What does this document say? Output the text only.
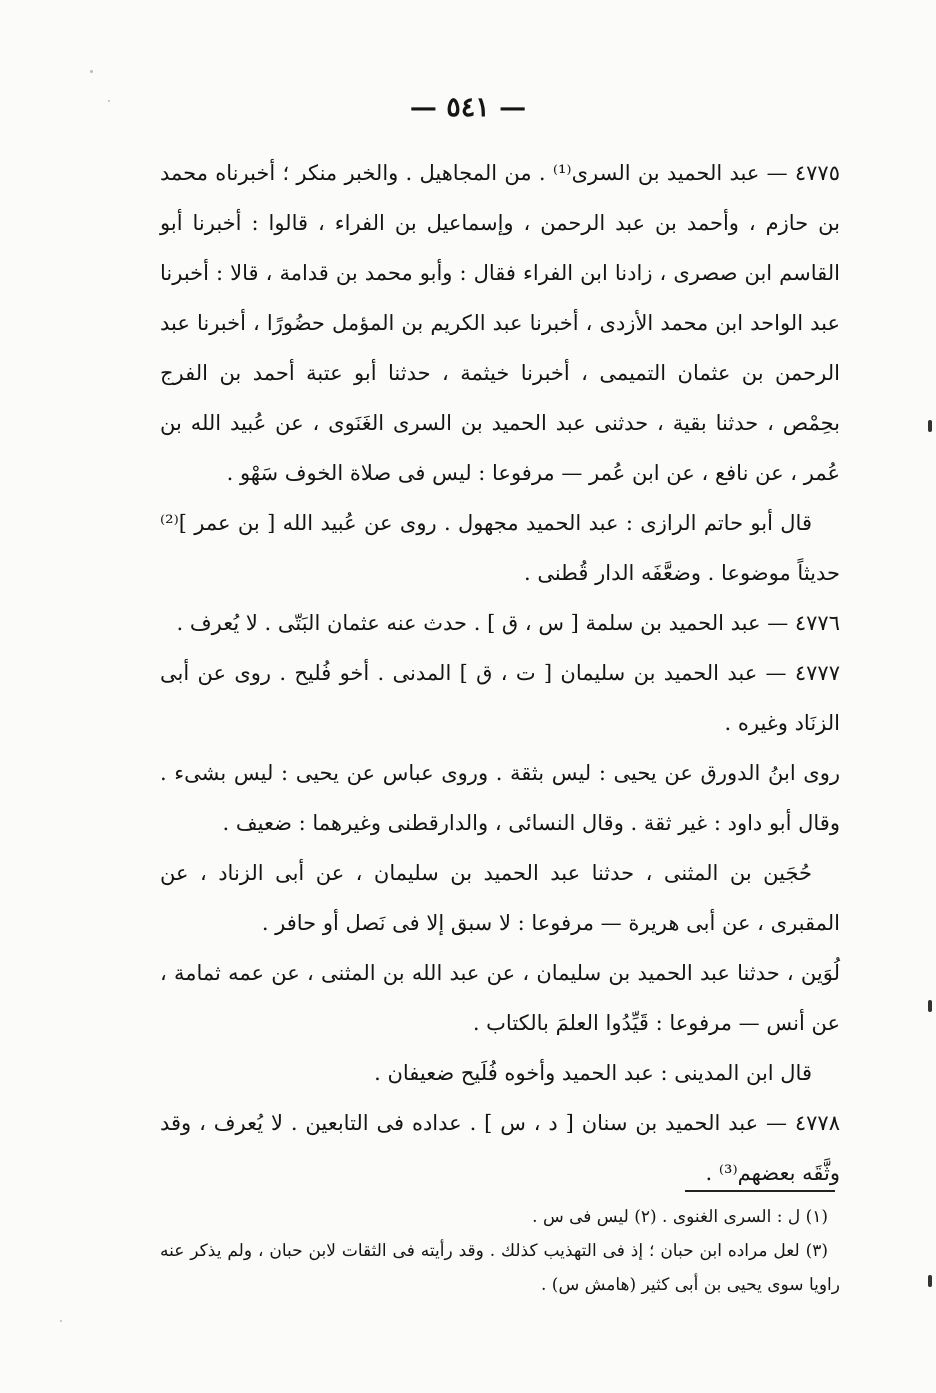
— ٥٤١ —

٤٧٧٥ — عبد الحميد بن السرى⁽¹⁾ . من المجاهيل . والخبر منكر ؛ أخبرناه محمد بن حازم ، وأحمد بن عبد الرحمن ، وإسماعيل بن الفراء ، قالوا : أخبرنا أبو القاسم ابن صصرى ، زادنا ابن الفراء فقال : وأبو محمد بن قدامة ، قالا : أخبرنا عبد الواحد ابن محمد الأزدى ، أخبرنا عبد الكريم بن المؤمل حضُورًا ، أخبرنا عبد الرحمن بن عثمان التميمى ، أخبرنا خيثمة ، حدثنا أبو عتبة أحمد بن الفرج بحِمْص ، حدثنا بقية ، حدثنى عبد الحميد بن السرى الغَنَوى ، عن عُبيد الله بن عُمر ، عن نافع ، عن ابن عُمر — مرفوعا : ليس فى صلاة الخوف سَهْو .

قال أبو حاتم الرازى : عبد الحميد مجهول . روى عن عُبيد الله [ بن عمر ]⁽²⁾ حديثاً موضوعا . وضعَّفَه الدار قُطنى .

٤٧٧٦ — عبد الحميد بن سلمة [ س ، ق ] . حدث عنه عثمان البَتّى . لا يُعرف .

٤٧٧٧ — عبد الحميد بن سليمان [ ت ، ق ] المدنى . أخو فُليح . روى عن أبى الزنَاد وغيره .

روى ابنُ الدورق عن يحيى : ليس بثقة . وروى عباس عن يحيى : ليس بشىء . وقال أبو داود : غير ثقة . وقال النسائى ، والدارقطنى وغيرهما : ضعيف .

حُجَين بن المثنى ، حدثنا عبد الحميد بن سليمان ، عن أبى الزناد ، عن المقبرى ، عن أبى هريرة — مرفوعا : لا سبق إلا فى نَصل أو حافر .

لُوَين ، حدثنا عبد الحميد بن سليمان ، عن عبد الله بن المثنى ، عن عمه ثمامة ، عن أنس — مرفوعا : قَيِّدُوا العلمَ بالكتاب .

قال ابن المدينى : عبد الحميد وأخوه فُلَيح ضعيفان .

٤٧٧٨ — عبد الحميد بن سنان [ د ، س ] . عداده فى التابعين . لا يُعرف ، وقد وثَّقَه بعضهم⁽³⁾ .

(١) ل : السرى الغنوى . (٢) ليس فى س .

(٣) لعل مراده ابن حبان ؛ إذ فى التهذيب كذلك . وقد رأيته فى الثقات لابن حبان ، ولم يذكر عنه راويا سوى يحيى بن أبى كثير (هامش س) .
